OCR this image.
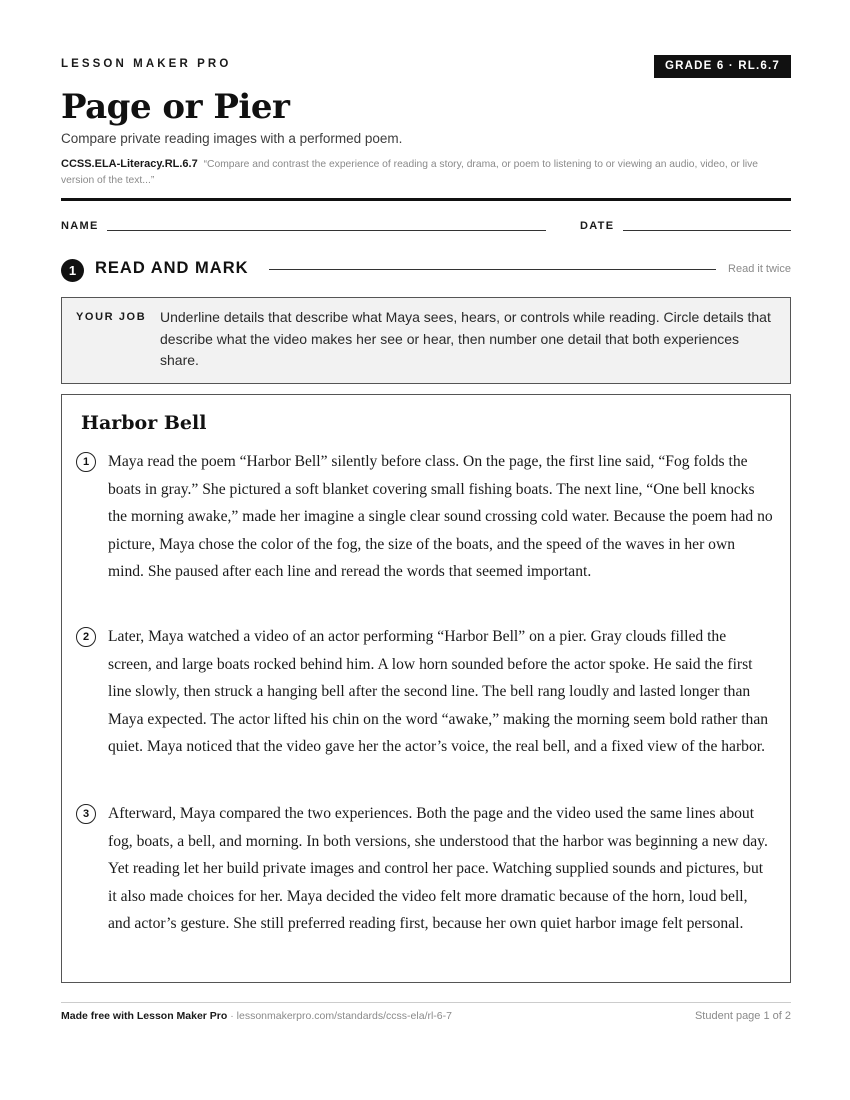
LESSON MAKER PRO	GRADE 6 · RL.6.7
Page or Pier
Compare private reading images with a performed poem.
CCSS.ELA-Literacy.RL.6.7 “Compare and contrast the experience of reading a story, drama, or poem to listening to or viewing an audio, video, or live version of the text...”
NAME	DATE
1	READ AND MARK	Read it twice
YOUR JOB Underline details that describe what Maya sees, hears, or controls while reading. Circle details that describe what the video makes her see or hear, then number one detail that both experiences share.
Harbor Bell
1	Maya read the poem “Harbor Bell” silently before class. On the page, the first line said, “Fog folds the boats in gray.” She pictured a soft blanket covering small fishing boats. The next line, “One bell knocks the morning awake,” made her imagine a single clear sound crossing cold water. Because the poem had no picture, Maya chose the color of the fog, the size of the boats, and the speed of the waves in her own mind. She paused after each line and reread the words that seemed important.

2	Later, Maya watched a video of an actor performing “Harbor Bell” on a pier. Gray clouds filled the screen, and large boats rocked behind him. A low horn sounded before the actor spoke. He said the first line slowly, then struck a hanging bell after the second line. The bell rang loudly and lasted longer than Maya expected. The actor lifted his chin on the word “awake,” making the morning seem bold rather than quiet. Maya noticed that the video gave her the actor’s voice, the real bell, and a fixed view of the harbor.

3	Afterward, Maya compared the two experiences. Both the page and the video used the same lines about fog, boats, a bell, and morning. In both versions, she understood that the harbor was beginning a new day. Yet reading let her build private images and control her pace. Watching supplied sounds and pictures, but it also made choices for her. Maya decided the video felt more dramatic because of the horn, loud bell, and actor’s gesture. She still preferred reading first, because her own quiet harbor image felt personal.

Made free with Lesson Maker Pro · lessonmakerpro.com/standards/ccss-ela/rl-6-7	Student page 1 of 2
